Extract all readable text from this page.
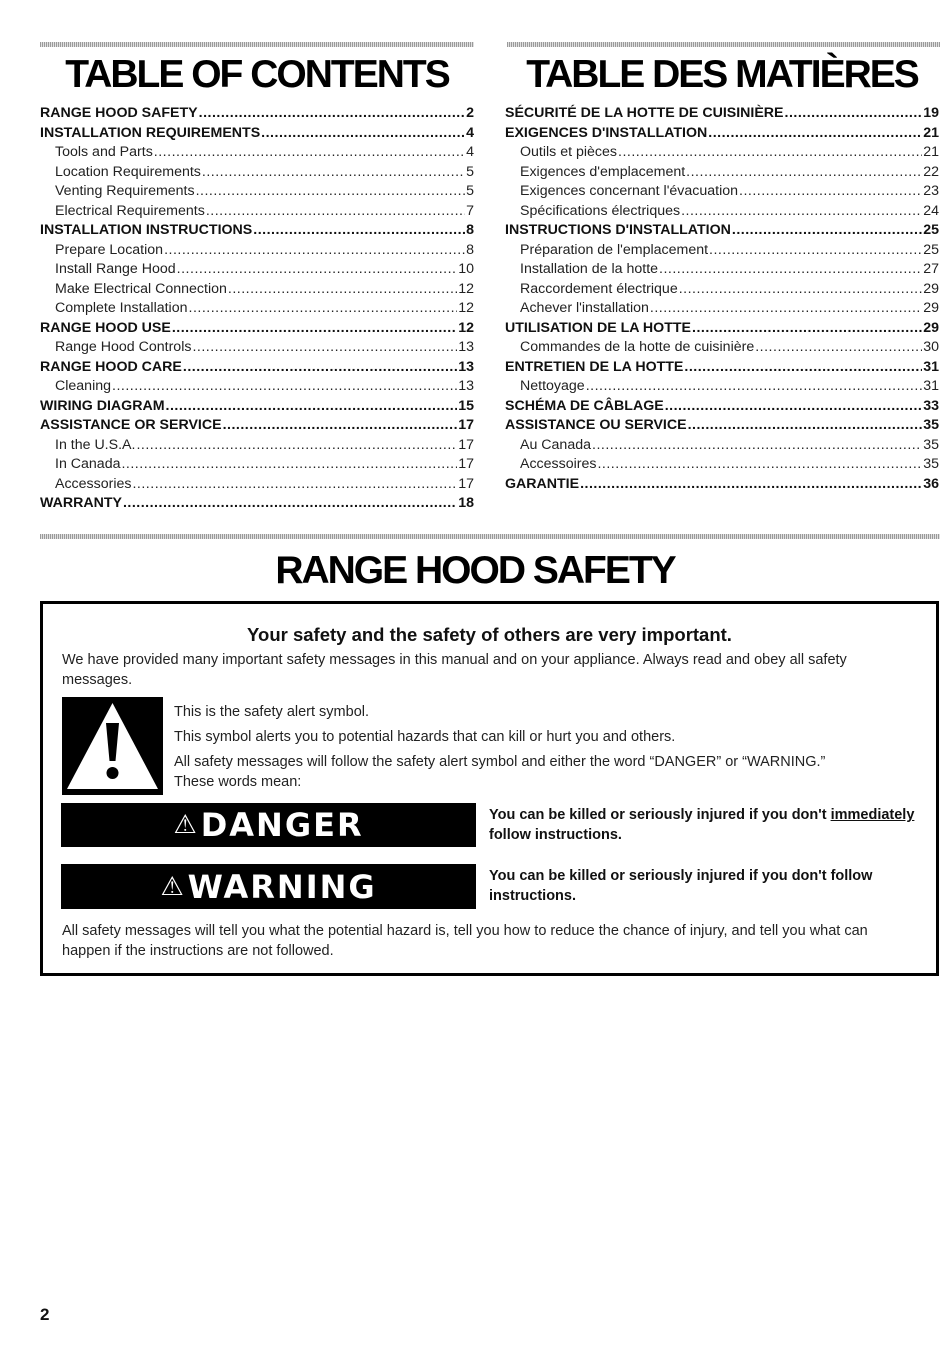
TABLE OF CONTENTS	TABLE DES MATIÈRES
RANGE HOOD SAFETY .....	2
INSTALLATION REQUIREMENTS .....	4
Tools and Parts .....	4
Location Requirements .....	5
Venting Requirements .....	5
Electrical Requirements .....	7
INSTALLATION INSTRUCTIONS .....	8
Prepare Location .....	8
Install Range Hood .....	10
Make Electrical Connection .....	12
Complete Installation .....	12
RANGE HOOD USE .....	12
Range Hood Controls .....	13
RANGE HOOD CARE .....	13
Cleaning .....	13
WIRING DIAGRAM .....	15
ASSISTANCE OR SERVICE .....	17
In the U.S.A. .....	17
In Canada .....	17
Accessories .....	17
WARRANTY .....	18
SÉCURITÉ DE LA HOTTE DE CUISINIÈRE .....	19
EXIGENCES D'INSTALLATION .....	21
Outils et pièces .....	21
Exigences d'emplacement .....	22
Exigences concernant l'évacuation .....	23
Spécifications électriques .....	24
INSTRUCTIONS D'INSTALLATION .....	25
Préparation de l'emplacement .....	25
Installation de la hotte .....	27
Raccordement électrique .....	29
Achever l'installation .....	29
UTILISATION DE LA HOTTE .....	29
Commandes de la hotte de cuisinière .....	30
ENTRETIEN DE LA HOTTE .....	31
Nettoyage .....	31
SCHÉMA DE CÂBLAGE .....	33
ASSISTANCE OU SERVICE .....	35
Au Canada .....	35
Accessoires .....	35
GARANTIE .....	36
RANGE HOOD SAFETY
Your safety and the safety of others are very important.
We have provided many important safety messages in this manual and on your appliance. Always read and obey all safety messages.
This is the safety alert symbol.
This symbol alerts you to potential hazards that can kill or hurt you and others.
All safety messages will follow the safety alert symbol and either the word “DANGER” or “WARNING.”
These words mean:
⚠ DANGER	You can be killed or seriously injured if you don't immediately follow instructions.
⚠ WARNING	You can be killed or seriously injured if you don't follow instructions.
All safety messages will tell you what the potential hazard is, tell you how to reduce the chance of injury, and tell you what can happen if the instructions are not followed.
2
